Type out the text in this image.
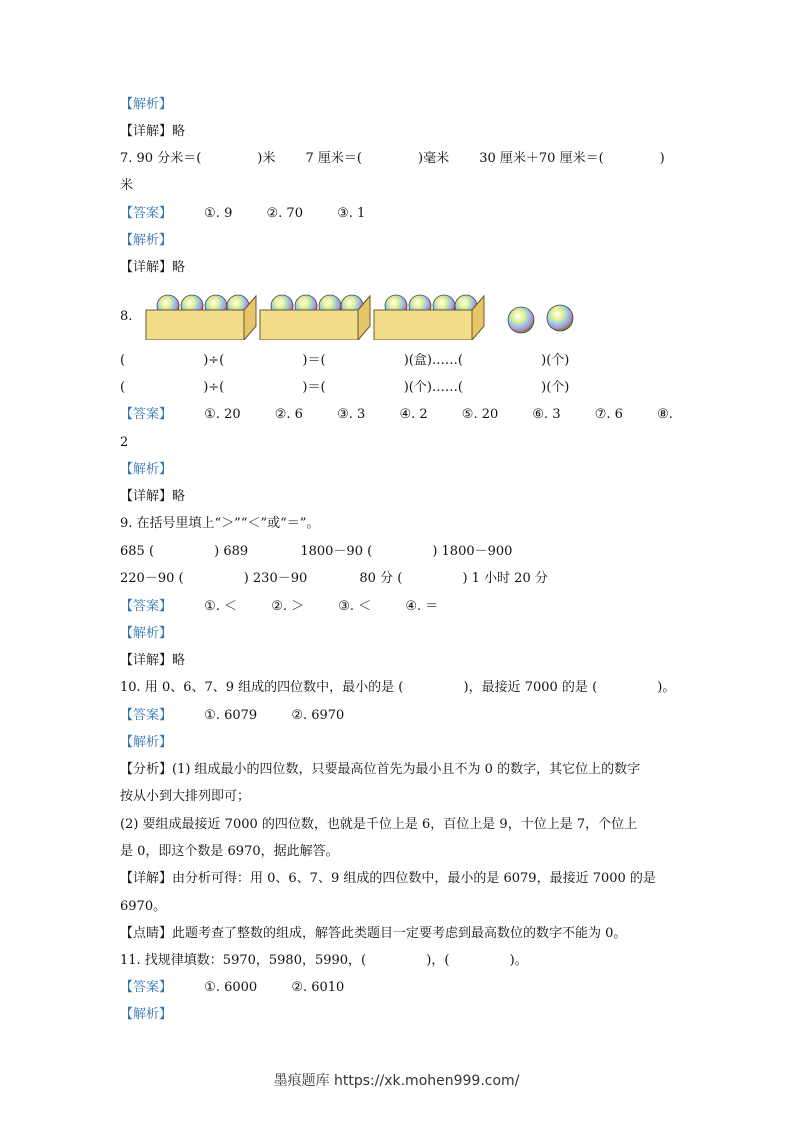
【解析】
【详解】略
7. 90 分米＝(	)米 7 厘米＝(	)毫米 30 厘米＋70 厘米＝(	)
米
【答案】 ①. 9	②. 70	③. 1
【解析】
【详解】略
8.
(	)÷(	)＝(	)(盒)……(	)(个)
(	)÷(	)＝(	)(个)……(	)(个)
【答案】 ①. 20	②. 6	③. 3	④. 2	⑤. 20	⑥. 3	⑦. 6	⑧.
2
【解析】
【详解】略
9. 在括号里填上“＞”“＜”或“＝”。
685 (	) 689	1800－90 (	) 1800－900
220－90 (	) 230－90	80 分 (	) 1 小时 20 分
【答案】 ①. ＜	②. ＞	③. ＜	④. ＝
【解析】
【详解】略
10. 用 0、6、7、9 组成的四位数中，最小的是 (	)，最接近 7000 的是 (	)。
【答案】 ①. 6079	②. 6970
【解析】
【分析】(1) 组成最小的四位数，只要最高位首先为最小且不为 0 的数字，其它位上的数字
按从小到大排列即可；
(2) 要组成最接近 7000 的四位数，也就是千位上是 6，百位上是 9，十位上是 7，个位上
是 0，即这个数是 6970，据此解答。
【详解】由分析可得：用 0、6、7、9 组成的四位数中，最小的是 6079，最接近 7000 的是
6970。
【点睛】此题考查了整数的组成，解答此类题目一定要考虑到最高数位的数字不能为 0。
11. 找规律填数：5970，5980，5990，(	)，(	)。
【答案】 ①. 6000	②. 6010
【解析】
墨痕题库 https://xk.mohen999.com/
